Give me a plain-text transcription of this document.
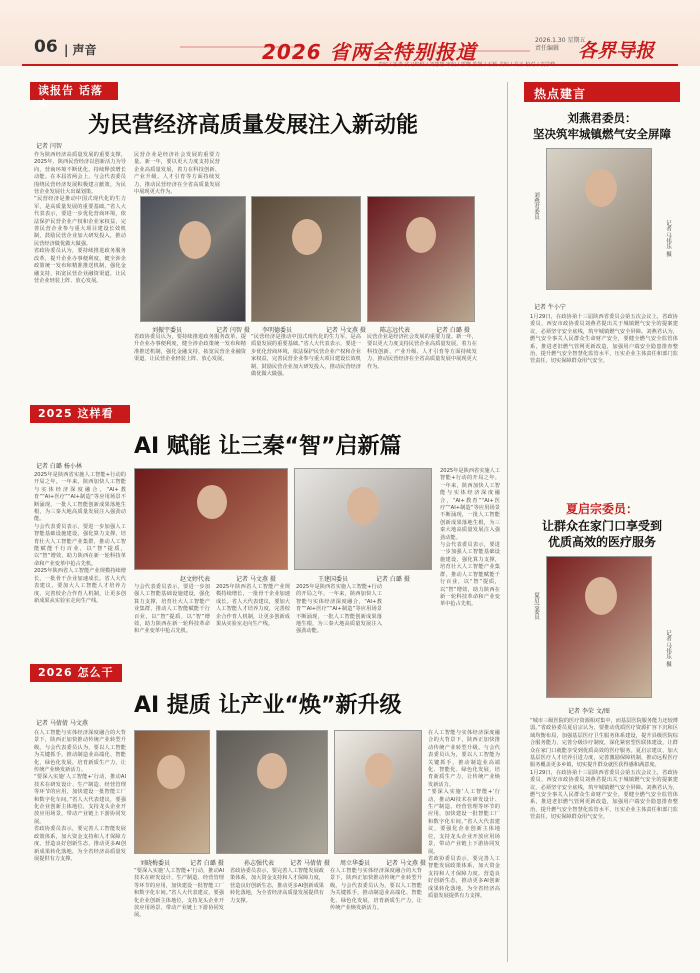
06 | 声音	2026 省两会特别报道	2026.1.30 星期五
责任编辑 各界导报
读报告 话落实
为民营经济高质量发展注入新动能
记者 闫智

作为陕西经济高质量发展的重要支撑，2025年，陕西民营经济以创新活力为导向，营商环境不断优化，持续释放增长动能。在本届省两会上，与会代表委员围绕民营经济发展积极建言献策，为民营企业发展壮大出谋划策。

“民营经济是推动中国式现代化的生力军，是高质量发展的重要基础。”省人大代表表示，要进一步优化营商环境，依法保护民营企业产权和企业家权益，完善民营企业参与重大项目建设长效机制，鼓励民营企业加大研发投入，推动民营经济做优做大做强。

省政协委员认为，要持续推进政务服务改革，提升企业办事便利度，健全涉企政策统一发布和精准推送机制，强化金融支持，拓宽民营企业融资渠道，让民营企业轻装上阵、放心发展。

民营企业是经济社会发展的重要力量。新一年，要以更大力度支持民营企业高质量发展，着力在科技创新、产业升级、人才引育等方面持续发力，推动民营经济在全省高质量发展中展现更大作为。

刘振宇委员	记者 闫智 摄 李明德委员	记者 马文燕 摄 陈志远代表	记者 白璐 摄

省政协委员认为，要持续推进政务服务改革，提升企业办事便利度，健全涉企政策统一发布和精准推送机制，强化金融支持，拓宽民营企业融资渠道，让民营企业轻装上阵、放心发展。

“民营经济是推动中国式现代化的生力军，是高质量发展的重要基础。”省人大代表表示，要进一步优化营商环境，依法保护民营企业产权和企业家权益，完善民营企业参与重大项目建设长效机制，鼓励民营企业加大研发投入，推动民营经济做优做大做强。

民营企业是经济社会发展的重要力量。新一年，要以更大力度支持民营企业高质量发展，着力在科技创新、产业升级、人才引育等方面持续发力，推动民营经济在全省高质量发展中展现更大作为。

热点建言
刘燕君委员：
坚决筑牢城镇燃气安全屏障
刘燕君委员
记者 马伟乐 摄
记者 牛小宁

1月29日，在政协第十三届陕西省委员会第五次会议上，省政协委员、西安市政协委员刘燕君提出关于城镇燃气安全的提案建议，必须坚守安全底线，筑牢城镇燃气安全屏障。刘燕君认为，燃气安全事关人民群众生命财产安全，要健全燃气安全监管体系，推进老旧燃气管网更新改造，加强用户端安全隐患排查整治，提升燃气安全智慧化监管水平，压实企业主体责任和部门监管责任，切实保障群众用气安全。

2025 这样看
AI 赋能 让三秦“智”启新篇
记者 白璐 杨小林

2025年是陕西省实施人工智能+行动的开局之年。一年来，陕西加快人工智能与实体经济深度融合，“AI+教育”“AI+医疗”“AI+制造”等应用场景不断涌现，一批人工智能创新成果落地生根，为三秦大地高质量发展注入强劲动能。

与会代表委员表示，要进一步加强人工智能基础设施建设，强化算力支撑，培育壮大人工智能产业集群，推动人工智能赋能千行百业，以“智”提质，以“智”增效，助力陕西在新一轮科技革命和产业变革中抢占先机。

2025年陕西省人工智能产业规模持续增长，一批骨干企业加速成长。省人大代表建议，要加大人工智能人才培养力度，完善校企合作育人机制，让更多创新成果从实验室走向生产线。

赵文婷代表	记者 马文燕 摄	王建国委员	记者 白璐 摄

与会代表委员表示，要进一步加强人工智能基础设施建设，强化算力支撑，培育壮大人工智能产业集群，推动人工智能赋能千行百业，以“智”提质，以“智”增效，助力陕西在新一轮科技革命和产业变革中抢占先机。

2025年陕西省人工智能产业规模持续增长，一批骨干企业加速成长。省人大代表建议，要加大人工智能人才培养力度，完善校企合作育人机制，让更多创新成果从实验室走向生产线。

2025年是陕西省实施人工智能+行动的开局之年。一年来，陕西加快人工智能与实体经济深度融合，“AI+教育”“AI+医疗”“AI+制造”等应用场景不断涌现，一批人工智能创新成果落地生根，为三秦大地高质量发展注入强劲动能。

2025年是陕西省实施人工智能+行动的开局之年。一年来，陕西加快人工智能与实体经济深度融合，“AI+教育”“AI+医疗”“AI+制造”等应用场景不断涌现，一批人工智能创新成果落地生根，为三秦大地高质量发展注入强劲动能。

与会代表委员表示，要进一步加强人工智能基础设施建设，强化算力支撑，培育壮大人工智能产业集群，推动人工智能赋能千行百业，以“智”提质，以“智”增效，助力陕西在新一轮科技革命和产业变革中抢占先机。

夏启宗委员：
让群众在家门口享受到
优质高效的医疗服务
夏启宗委员
记者 马伟乐 摄
记者 李荣 文/图

“城市三级医院的医疗资源相对集中，而基层医院服务能力还较薄弱。”省政协委员夏启宗认为，要推动优质医疗资源扩容下沉和区域均衡布局，加强基层医疗卫生服务体系建设，提升县级医院综合服务能力，完善分级诊疗制度，深化紧密型医联体建设，让群众在家门口就能享受到优质高效的医疗服务。夏启宗建议，加大基层医疗人才培养引进力度，完善激励保障机制，推动远程医疗服务覆盖更多乡镇，切实提升群众就医获得感和满意度。

1月29日，在政协第十三届陕西省委员会第五次会议上，省政协委员、西安市政协委员刘燕君提出关于城镇燃气安全的提案建议，必须坚守安全底线，筑牢城镇燃气安全屏障。刘燕君认为，燃气安全事关人民群众生命财产安全，要健全燃气安全监管体系，推进老旧燃气管网更新改造，加强用户端安全隐患排查整治，提升燃气安全智慧化监管水平，压实企业主体责任和部门监管责任，切实保障群众用气安全。

2026 怎么干
AI 提质 让产业“焕”新升级
记者 马倩倩 马文燕

在人工智能与实体经济深度融合的大背景下，陕西正加快推动传统产业转型升级。与会代表委员认为，要以人工智能为关键抓手，推动制造业高端化、智能化、绿色化发展，培育新质生产力，让传统产业焕发新活力。

“要深入实施‘人工智能+’行动，推动AI技术在研发设计、生产制造、经营管理等环节的应用，加快建设一批智能工厂和数字化车间。”省人大代表建议，要强化企业创新主体地位，支持龙头企业开放应用场景，带动产业链上下游协同发展。

省政协委员表示，要完善人工智能发展政策体系，加大资金支持和人才保障力度，营造良好创新生态，推动更多AI创新成果转化落地，为全省经济高质量发展提供有力支撑。

刘晓梅委员	记者 白璐 摄	孙志强代表	记者 马倩倩 摄 周立华委员	记者 马文燕 摄

“要深入实施‘人工智能+’行动，推动AI技术在研发设计、生产制造、经营管理等环节的应用，加快建设一批智能工厂和数字化车间。”省人大代表建议，要强化企业创新主体地位，支持龙头企业开放应用场景，带动产业链上下游协同发展。

省政协委员表示，要完善人工智能发展政策体系，加大资金支持和人才保障力度，营造良好创新生态，推动更多AI创新成果转化落地，为全省经济高质量发展提供有力支撑。

在人工智能与实体经济深度融合的大背景下，陕西正加快推动传统产业转型升级。与会代表委员认为，要以人工智能为关键抓手，推动制造业高端化、智能化、绿色化发展，培育新质生产力，让传统产业焕发新活力。

在人工智能与实体经济深度融合的大背景下，陕西正加快推动传统产业转型升级。与会代表委员认为，要以人工智能为关键抓手，推动制造业高端化、智能化、绿色化发展，培育新质生产力，让传统产业焕发新活力。

“要深入实施‘人工智能+’行动，推动AI技术在研发设计、生产制造、经营管理等环节的应用，加快建设一批智能工厂和数字化车间。”省人大代表建议，要强化企业创新主体地位，支持龙头企业开放应用场景，带动产业链上下游协同发展。

省政协委员表示，要完善人工智能发展政策体系，加大资金支持和人才保障力度，营造良好创新生态，推动更多AI创新成果转化落地，为全省经济高质量发展提供有力支撑。
